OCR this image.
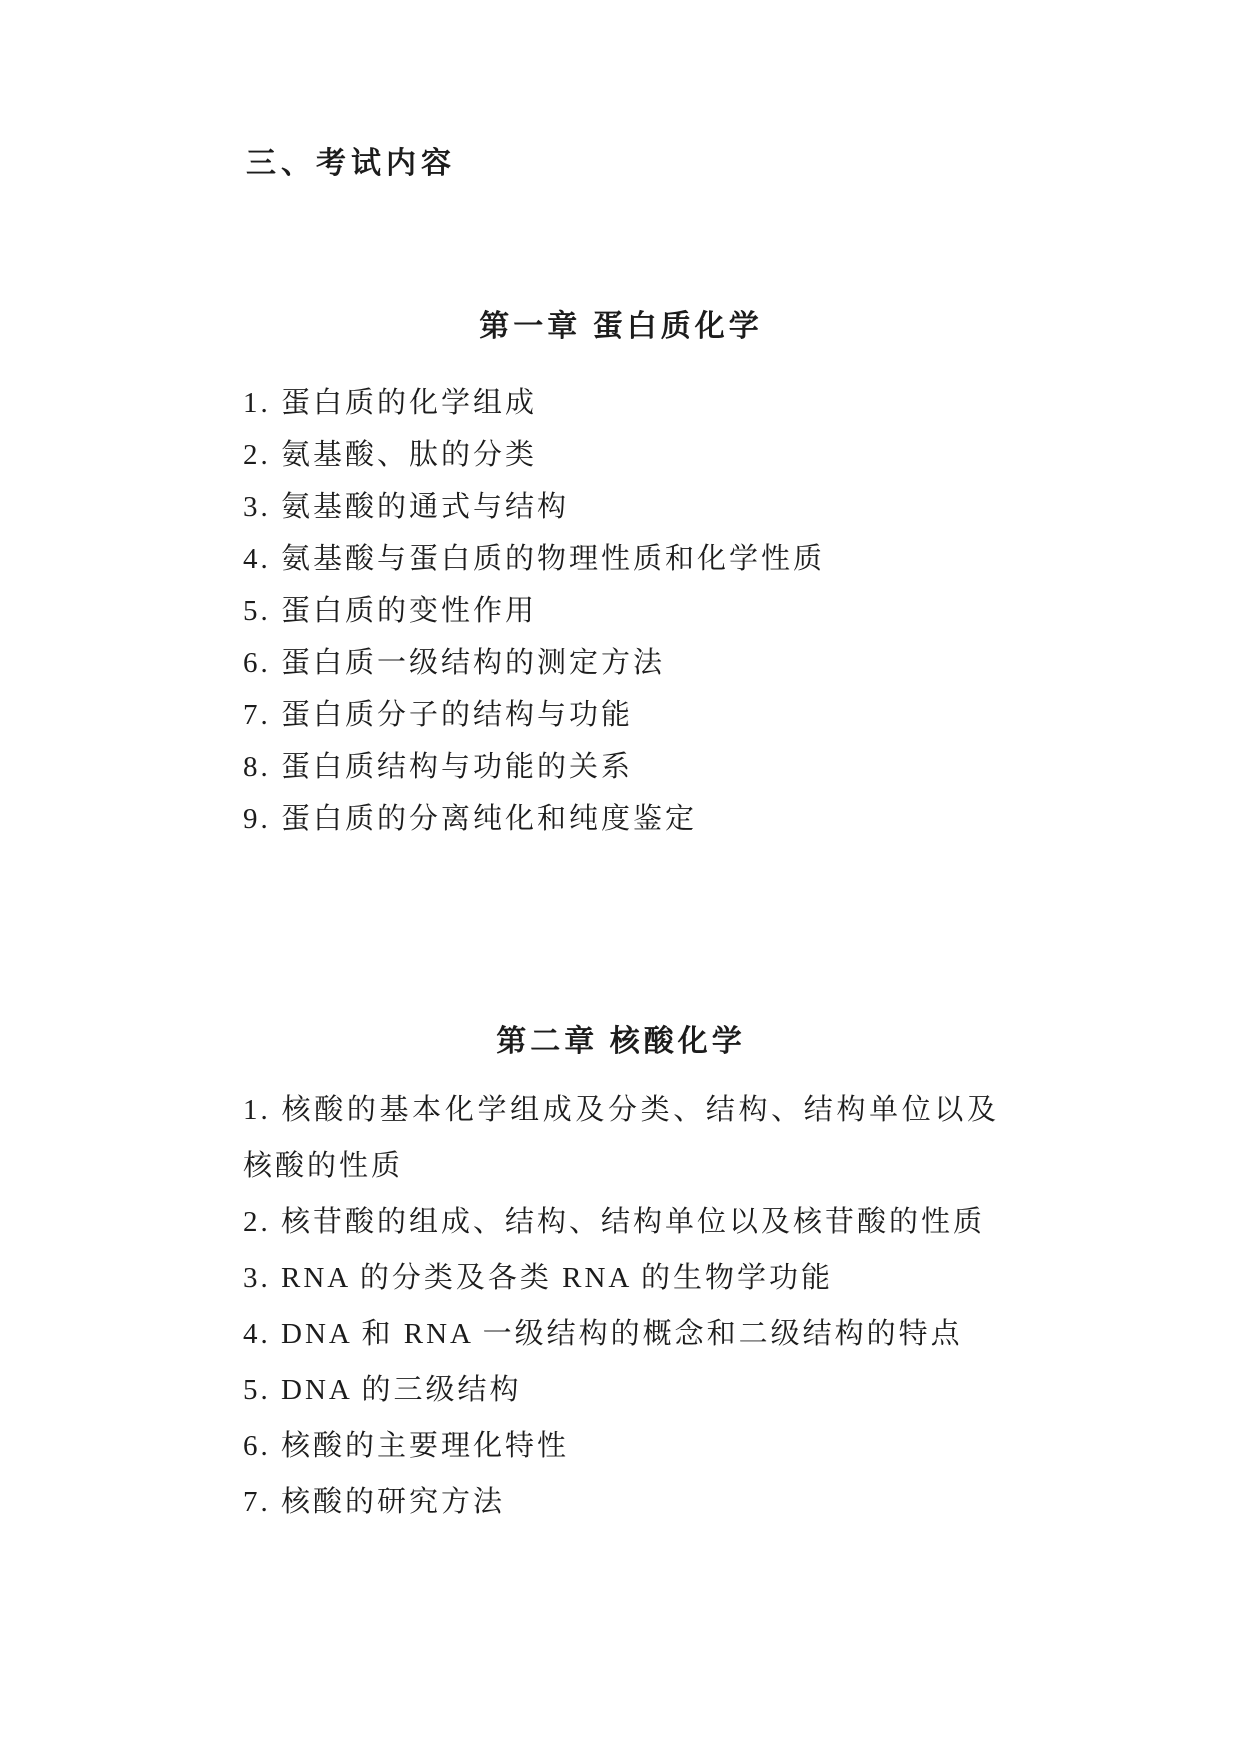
三、考试内容
第一章 蛋白质化学

1. 蛋白质的化学组成

2. 氨基酸、肽的分类

3. 氨基酸的通式与结构

4. 氨基酸与蛋白质的物理性质和化学性质

5. 蛋白质的变性作用

6. 蛋白质一级结构的测定方法

7. 蛋白质分子的结构与功能

8. 蛋白质结构与功能的关系

9. 蛋白质的分离纯化和纯度鉴定

第二章 核酸化学

1. 核酸的基本化学组成及分类、结构、结构单位以及核酸的性质

2. 核苷酸的组成、结构、结构单位以及核苷酸的性质

3. RNA 的分类及各类 RNA 的生物学功能

4. DNA 和 RNA 一级结构的概念和二级结构的特点

5. DNA 的三级结构

6. 核酸的主要理化特性

7. 核酸的研究方法
